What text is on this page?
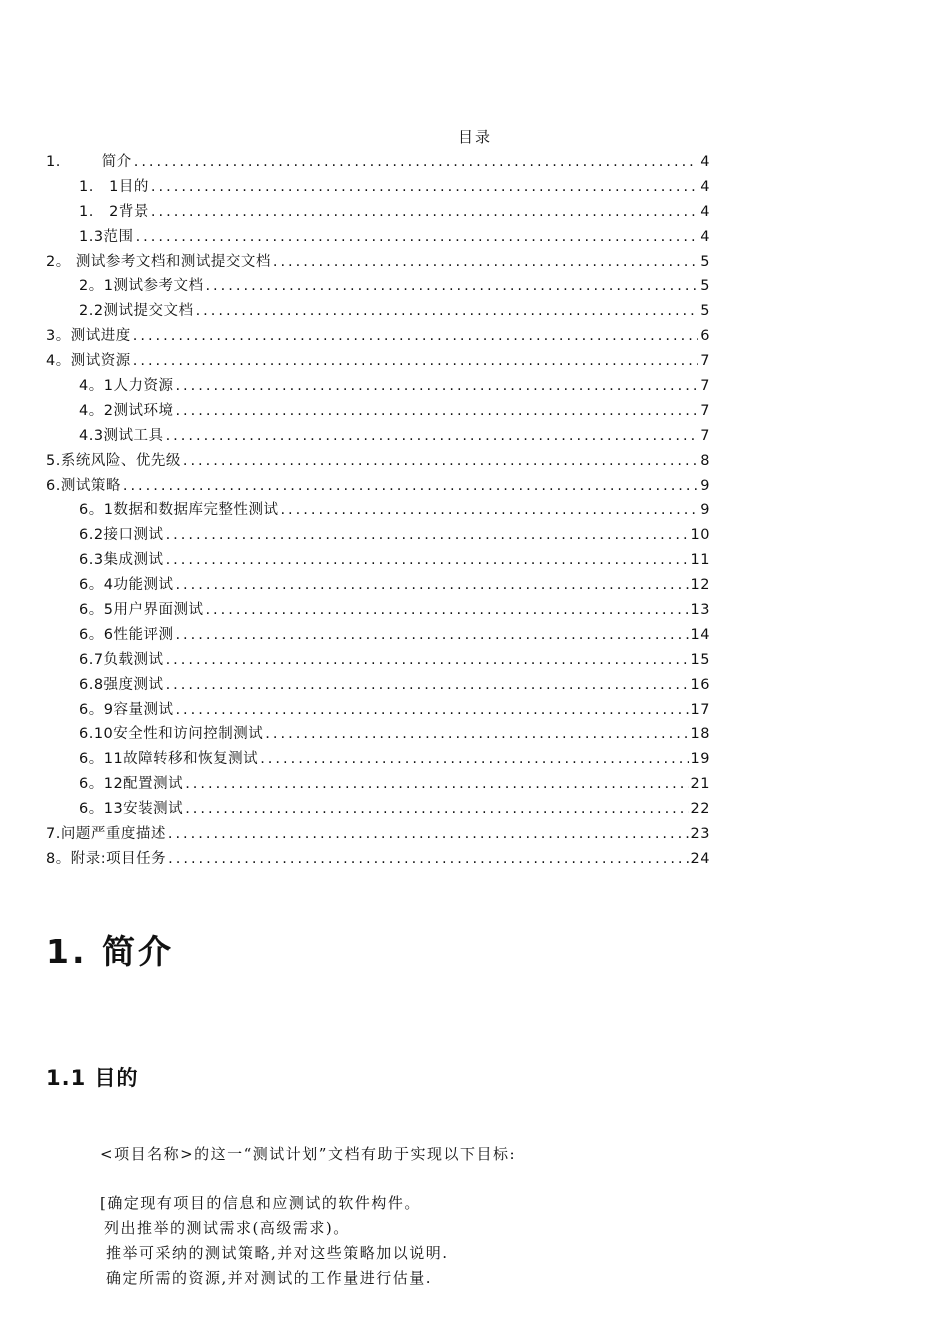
目录
1.        简介 .....	4
1.   1目的 .....	4
1.   2背景 .....	4
1.3范围 .....	4
2。 测试参考文档和测试提交文档 .....	5
2。1测试参考文档 .....	5
2.2测试提交文档 .....	5
3。测试进度 .....	6
4。测试资源 .....	7
4。1人力资源 .....	7
4。2测试环境 .....	7
4.3测试工具 .....	7
5.系统风险、优先级 .....	8
6.测试策略 .....	9
6。1数据和数据库完整性测试 .....	9
6.2接口测试 .....	10
6.3集成测试 .....	11
6。4功能测试 .....	12
6。5用户界面测试 .....	13
6。6性能评测 .....	14
6.7负载测试 .....	15
6.8强度测试 .....	16
6。9容量测试 .....	17
6.10安全性和访问控制测试 .....	18
6。11故障转移和恢复测试 .....	19
6。12配置测试 .....	21
6。13安装测试 .....	22
7.问题严重度描述 .....	23
8。附录:项目任务 .....	24
1. 简介
1.1 目的
<项目名称>的这一“测试计划”文档有助于实现以下目标:
[确定现有项目的信息和应测试的软件构件。
列出推举的测试需求(高级需求)。
推举可采纳的测试策略,并对这些策略加以说明.
确定所需的资源,并对测试的工作量进行估量.
